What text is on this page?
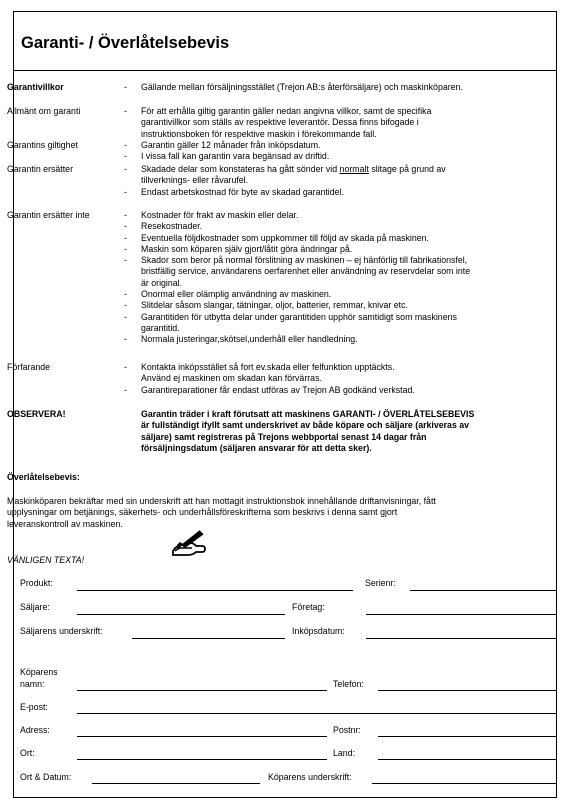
Garanti- / Överlåtelsebevis
Garantivillkor	- Gällande mellan försäljningsstället (Trejon AB:s återförsäljare) och maskinköparen.
Allmänt om garanti	- För att erhålla giltig garantin gäller nedan angivna villkor, samt de specifika
garantivillkor som ställs av respektive leverantör. Dessa finns bifogade i
instruktionsboken för respektive maskin i förekommande fall.
Garantins giltighet	- Garantin gäller 12 månader från inköpsdatum.
- I vissa fall kan garantin vara begänsad av driftid.
Garantin ersätter	- Skadade delar som konstateras ha gått sönder vid normalt slitage på grund av
tillverknings- eller råvarufel.
- Endast arbetskostnad för byte av skadad garantidel.
Garantin ersätter inte	- Kostnader för frakt av maskin eller delar.
- Resekostnader.
- Eventuella följdkostnader som uppkommer till följd av skada på maskinen.
- Maskin som köparen själv gjort/låtit göra ändringar på.
- Skador som beror på normal förslitning av maskinen – ej hänförlig till fabrikationsfel,
bristfällig service, användarens oerfarenhet eller användning av reservdelar som inte
är original.
- Onormal eller olämplig användning av maskinen.
- Slitdelar såsom slangar, tätningar, oljor, batterier, remmar, knivar etc.
- Garantitiden för utbytta delar under garantitiden upphör samtidigt som maskinens
garantitid.
- Normala justeringar,skötsel,underhåll eller handledning.
Förfarande	- Kontakta inköpsstället så fort ev.skada eller felfunktion upptäckts.
Använd ej maskinen om skadan kan förvärras.
- Garantireparationer får endast utföras av Trejon AB godkänd verkstad.
OBSERVERA!	Garantin träder i kraft förutsatt att maskinens GARANTI- / ÖVERLÅTELSEBEVIS
är fullständigt ifyllt samt underskrivet av både köpare och säljare (arkiveras av
säljare) samt registreras på Trejons webbportal senast 14 dagar från
försäljningsdatum (säljaren ansvarar för att detta sker).
Överlåtelsebevis:
Maskinköparen bekräftar med sin underskrift att han mottagit instruktionsbok innehållande driftanvisningar, fått
upplysningar om betjänings, säkerhets- och underhållsföreskrifterna som beskrivs i denna samt gjort
leveranskontroll av maskinen.
VÄNLIGEN TEXTA!
Produkt:	Serienr:
Säljare:	Företag:
Säljarens underskrift:	Inköpsdatum:
Köparens
namn:	Telefon:
E-post:
Adress:	Postnr:
Ort:	Land:
Ort & Datum:	Köparens underskrift:
